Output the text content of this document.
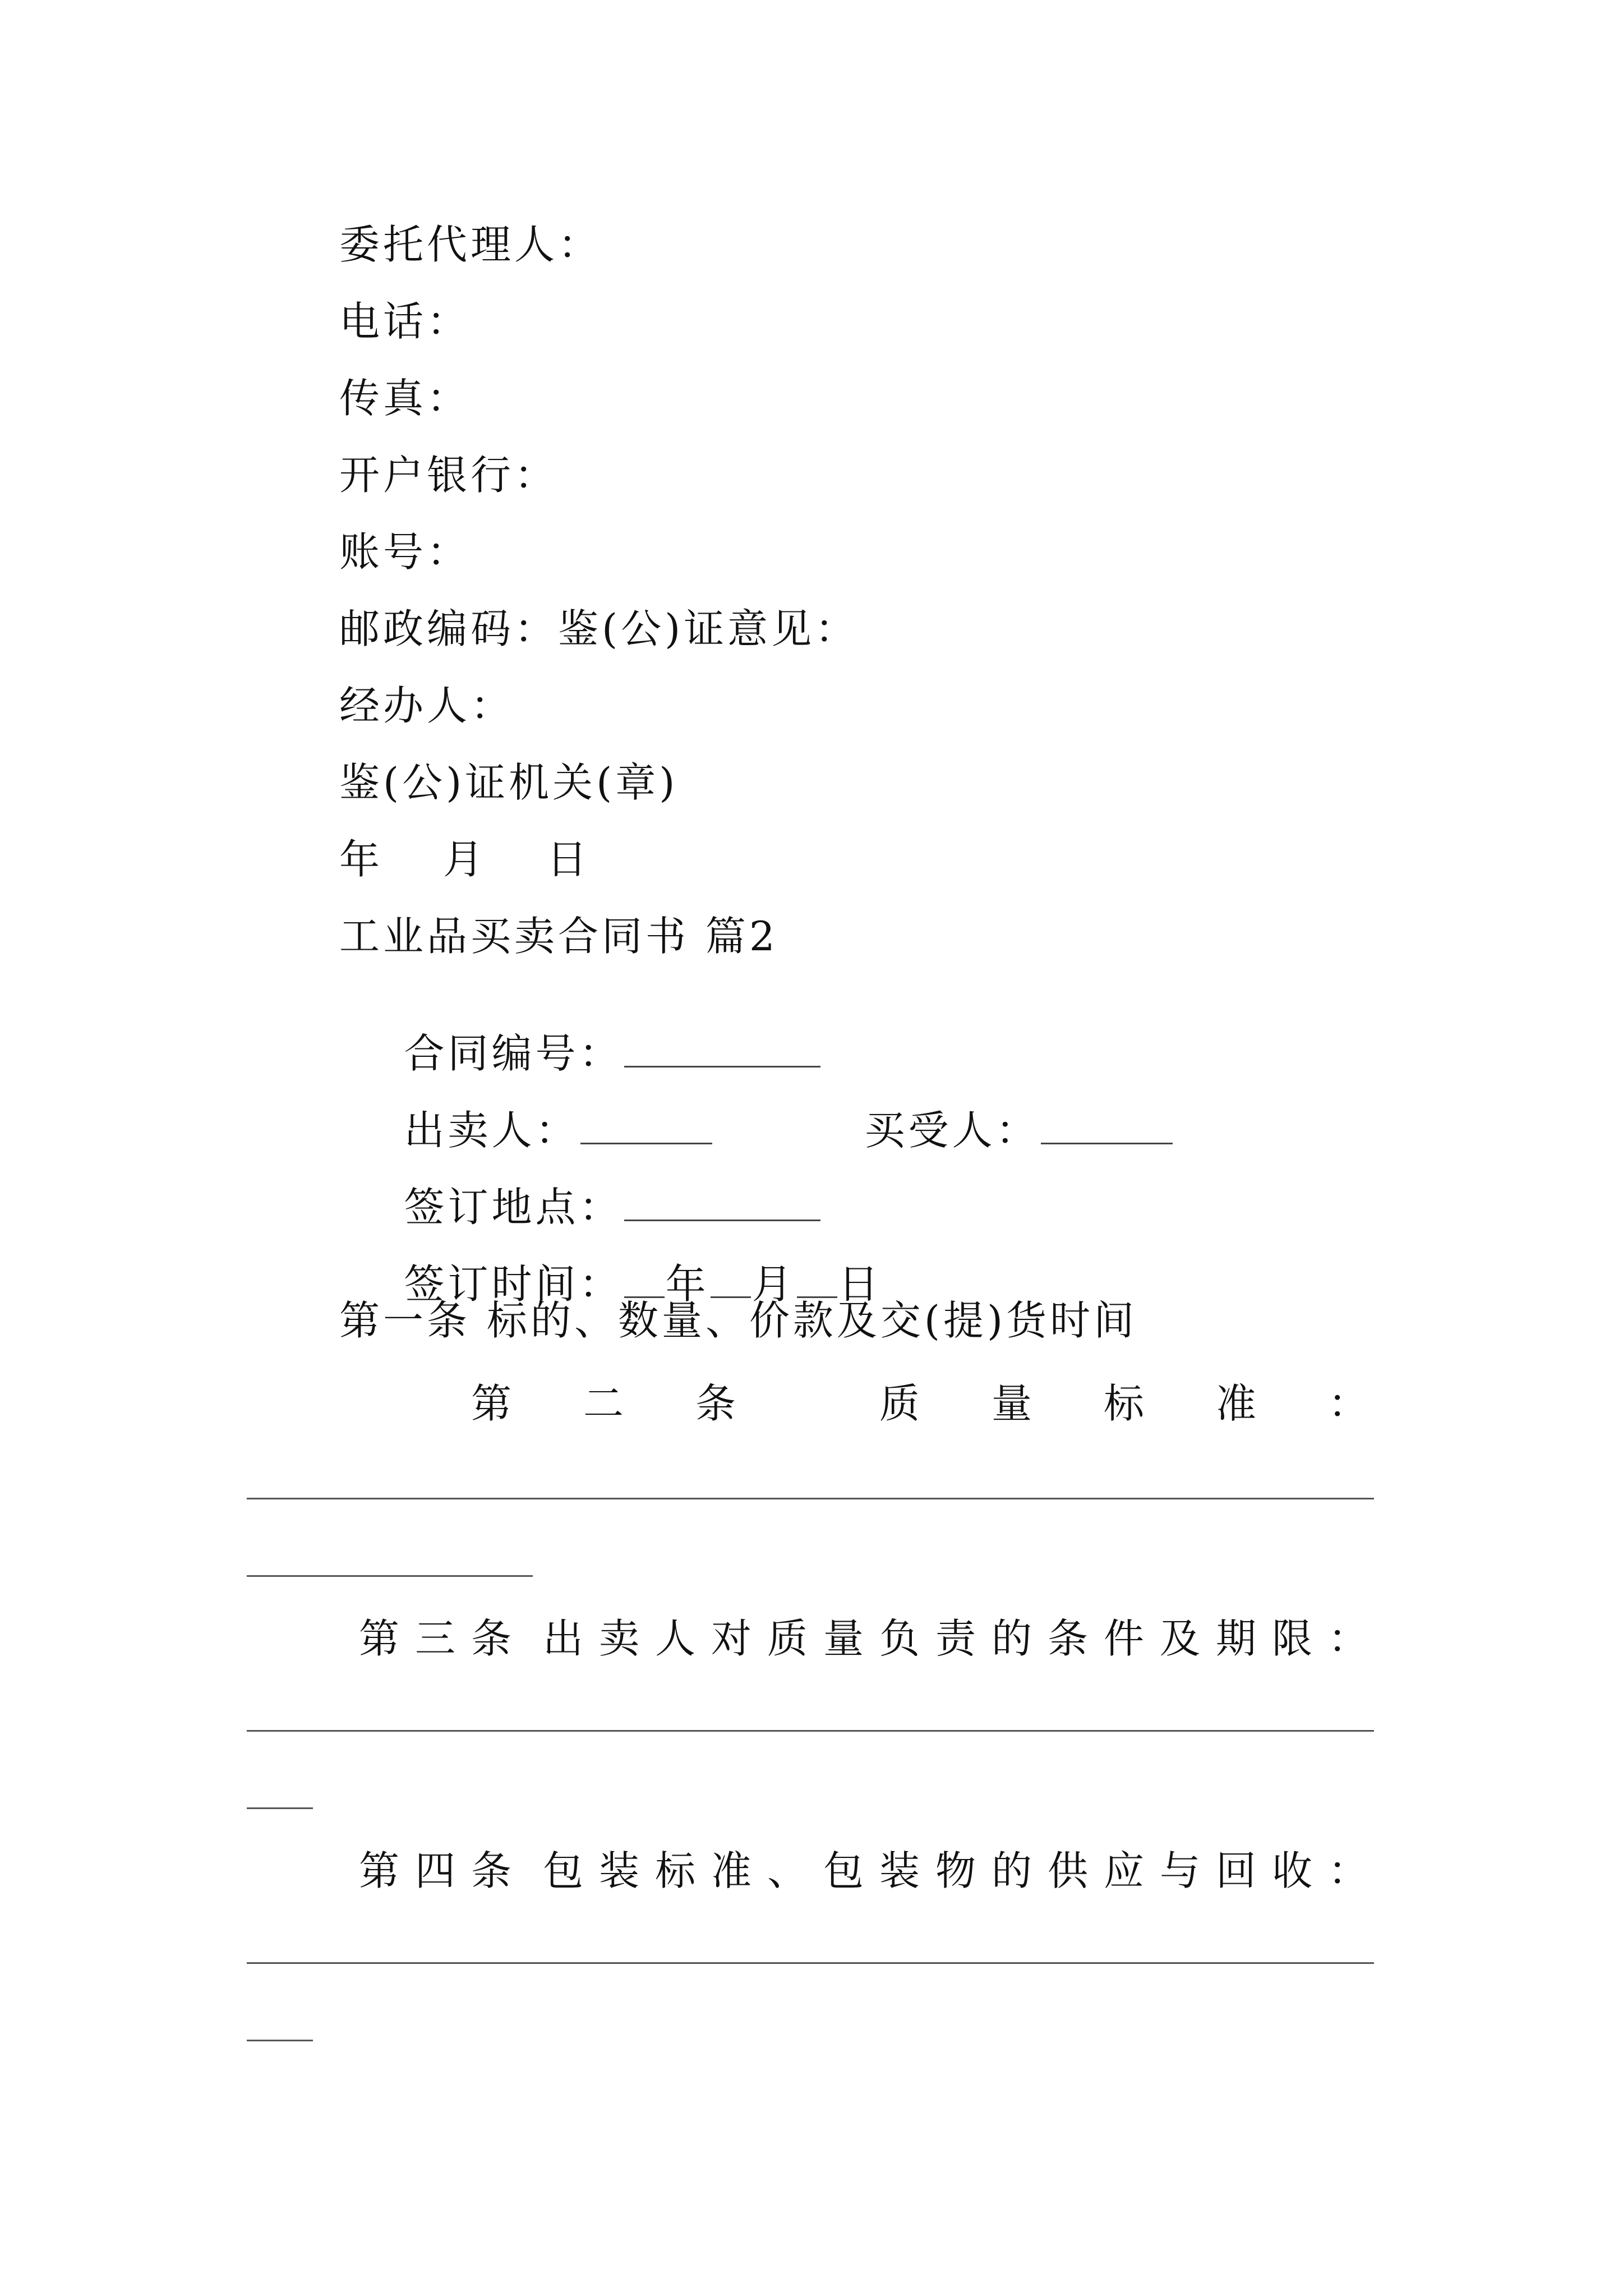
委托代理人：
电话：
传真：
开户银行：
账号：
邮政编码：鉴(公)证意见：
经办人：
鉴(公)证机关(章)
年　 月　 日
工业品买卖合同书 篇2

合同编号：

出卖人：	买受人：

签订地点：

签订时间： 年 月 日

第一条 标的、数量、价款及交(提)货时间
第 二 条	质 量 标 准 ：
第 三 条 出 卖 人 对 质 量 负 责 的 条 件 及 期 限 ：
第 四 条 包 装 标 准 、 包 装 物 的 供 应 与 回 收 ：
